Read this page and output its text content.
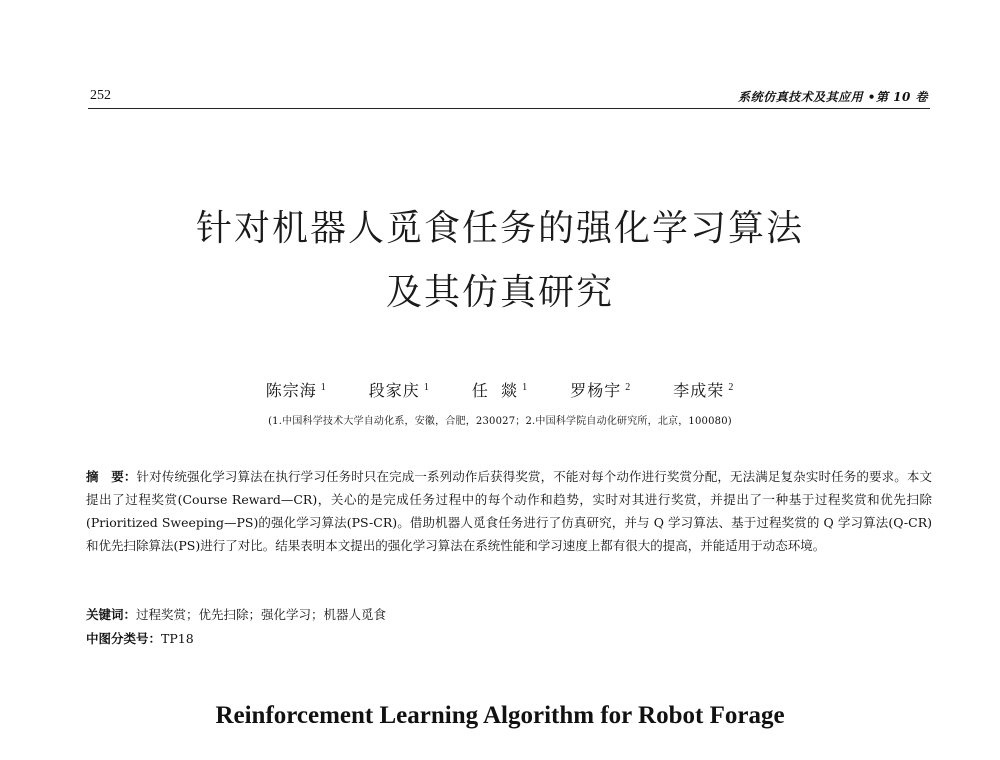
252	系统仿真技术及其应用 •第 10 卷
针对机器人觅食任务的强化学习算法
及其仿真研究
陈宗海 $^1$	段家庆 $^1$	任  燚 $^1$	罗杨宇 $^2$	李成荣 $^2$
(1.中国科学技术大学自动化系，安徽，合肥，230027；2.中国科学院自动化研究所，北京，100080)
摘　要：针对传统强化学习算法在执行学习任务时只在完成一系列动作后获得奖赏，不能对每个动作进行奖赏分配，无法满足复杂实时任务的要求。本文提出了过程奖赏(Course Reward—CR)，关心的是完成任务过程中的每个动作和趋势，实时对其进行奖赏，并提出了一种基于过程奖赏和优先扫除(Prioritized Sweeping—PS)的强化学习算法(PS-CR)。借助机器人觅食任务进行了仿真研究，并与 Q 学习算法、基于过程奖赏的 Q 学习算法(Q-CR)和优先扫除算法(PS)进行了对比。结果表明本文提出的强化学习算法在系统性能和学习速度上都有很大的提高，并能适用于动态环境。
关键词：过程奖赏；优先扫除；强化学习；机器人觅食
中图分类号：TP18
Reinforcement Learning Algorithm for Robot Forage
